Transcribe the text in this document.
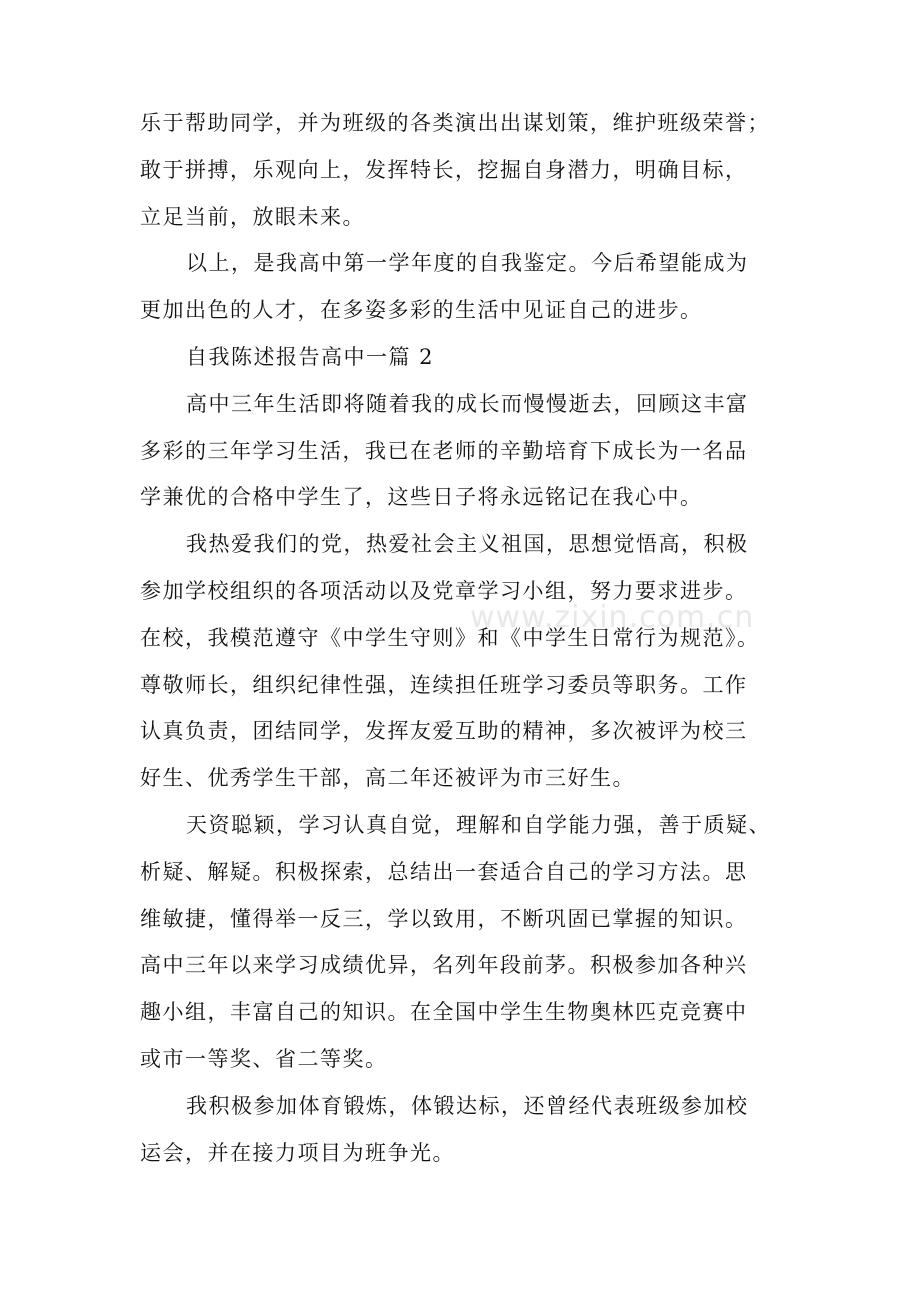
乐于帮助同学，并为班级的各类演出出谋划策，维护班级荣誉；
敢于拼搏，乐观向上，发挥特长，挖掘自身潜力，明确目标，
立足当前，放眼未来。
以上，是我高中第一学年度的自我鉴定。今后希望能成为
更加出色的人才，在多姿多彩的生活中见证自己的进步。
自我陈述报告高中一篇 2
高中三年生活即将随着我的成长而慢慢逝去，回顾这丰富
多彩的三年学习生活，我已在老师的辛勤培育下成长为一名品
学兼优的合格中学生了，这些日子将永远铭记在我心中。
我热爱我们的党，热爱社会主义祖国，思想觉悟高，积极
参加学校组织的各项活动以及党章学习小组，努力要求进步。
在校，我模范遵守《中学生守则》和《中学生日常行为规范》。
尊敬师长，组织纪律性强，连续担任班学习委员等职务。工作
认真负责，团结同学，发挥友爱互助的精神，多次被评为校三
好生、优秀学生干部，高二年还被评为市三好生。
天资聪颖，学习认真自觉，理解和自学能力强，善于质疑、
析疑、解疑。积极探索，总结出一套适合自己的学习方法。思
维敏捷，懂得举一反三，学以致用，不断巩固已掌握的知识。
高中三年以来学习成绩优异，名列年段前茅。积极参加各种兴
趣小组，丰富自己的知识。在全国中学生生物奥林匹克竞赛中
或市一等奖、省二等奖。
我积极参加体育锻炼，体锻达标，还曾经代表班级参加校
运会，并在接力项目为班争光。
www.zixin.com.cn
